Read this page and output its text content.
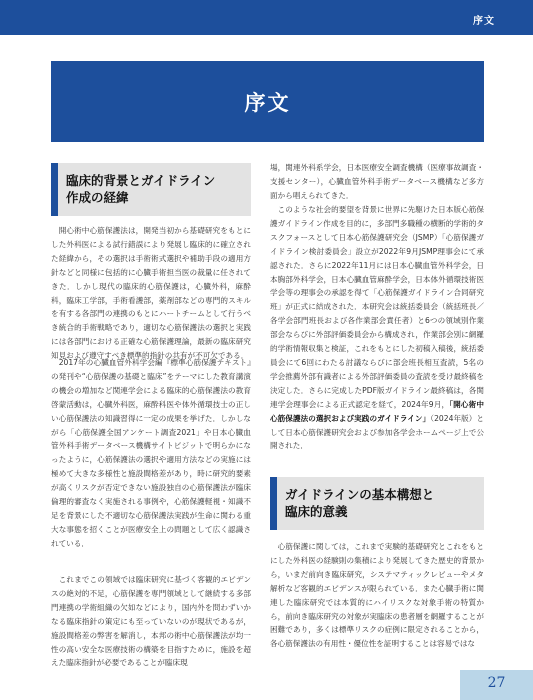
序文
序文
臨床的背景とガイドライン
作成の経緯

　開心術中心筋保護法は，開発当初から基礎研究をもとにした外科医による試行錯誤により発展し臨床的に確立された経緯から，その選択は手術術式選択や補助手段の適用方針などと同様に包括的に心臓手術担当医の裁量に任されてきた．しかし現代の臨床的心筋保護は，心臓外科，麻酔科，臨床工学部，手術看護部，薬剤部などの専門的スキルを有する各部門の連携のもとにハートチームとして行うべき統合的手術戦略であり，適切な心筋保護法の選択と実践には各部門における正確な心筋保護理論，最新の臨床研究知見および遵守すべき標準的指針の共有が不可欠である．

　2017年の心臓血管外科学会編『標準心筋保護テキスト』の発刊や“心筋保護の基礎と臨床”をテーマにした教育講演の機会の増加など関連学会による臨床的心筋保護法の教育啓蒙活動は，心臓外科医，麻酔科医や体外循環技士の正しい心筋保護法の知識習得に一定の成果を挙げた．しかしながら「心筋保護全国アンケート調査2021」や日本心臓血管外科手術データベース機構サイトビジットで明らかになったように，心筋保護法の選択や適用方法などの実施には極めて大きな多様性と施設間格差があり，時に研究的要素が高くリスクが否定できない施設独自の心筋保護法が臨床倫理的審査なく実施される事例や，心筋保護軽視・知識不足を背景にした不適切な心筋保護法実践が生命に関わる重大な事態を招くことが医療安全上の問題として広く認識されている．

　これまでこの領域では臨床研究に基づく客観的エビデンスの絶対的不足，心筋保護を専門領域として継続する多部門連携の学術組織の欠如などにより，国内外を問わずいかなる臨床指針の策定にも至っていないのが現状であるが，施設間格差の弊害を解消し，本邦の術中心筋保護法が均一性の高い安全な医療技術の構築を目指すために，施設を超えた臨床指針が必要であることが臨床現

場，関連外科系学会，日本医療安全調査機構（医療事故調査・支援センター），心臓血管外科手術データベース機構など多方面から唱えられてきた．

　このような社会的要望を背景に世界に先駆けた日本版心筋保護ガイドライン作成を目的に，多部門多職種の横断的学術的タスクフォースとして日本心筋保護研究会（JSMP）「心筋保護ガイドライン検討委員会」設立が2022年9月JSMP理事会にて承認された．さらに2022年11月には日本心臓血管外科学会，日本胸部外科学会，日本心臓血管麻酔学会，日本体外循環技術医学会等の理事会の承認を得て「心筋保護ガイドライン合同研究班」が正式に結成された．本研究会は統括委員会（統括班長／各学会部門班長および各作業部会責任者）と6つの領域別作業部会ならびに外部評価委員会から構成され，作業部会別に網羅的学術情報収集と検証，これをもとにした初稿入稿後，統括委員会にて6回にわたる討議ならびに部会班長相互査読，5名の学会推薦外部有識者による外部評価委員の査読を受け最終稿を決定した．さらに完成したPDF版ガイドライン最終稿は，各関連学会理事会による正式認定を経て，2024年9月，「開心術中心筋保護法の選択および実践のガイドライン」（2024年版）として日本心筋保護研究会および参加各学会ホームページ上で公開された．

ガイドラインの基本構想と
臨床的意義

　心筋保護に関しては，これまで実験的基礎研究とこれをもとにした外科医の経験則の集積により発展してきた歴史的背景から，いまだ前向き臨床研究，システマティックレビューやメタ解析など客観的エビデンスが限られている．また心臓手術に関連した臨床研究では本質的にハイリスクな対象手術の特質から，前向き臨床研究の対象が実臨床の患者層を網羅することが困難であり，多くは標準リスクの症例に限定されることから，各心筋保護法の有用性・優位性を証明することは容易ではな

27
